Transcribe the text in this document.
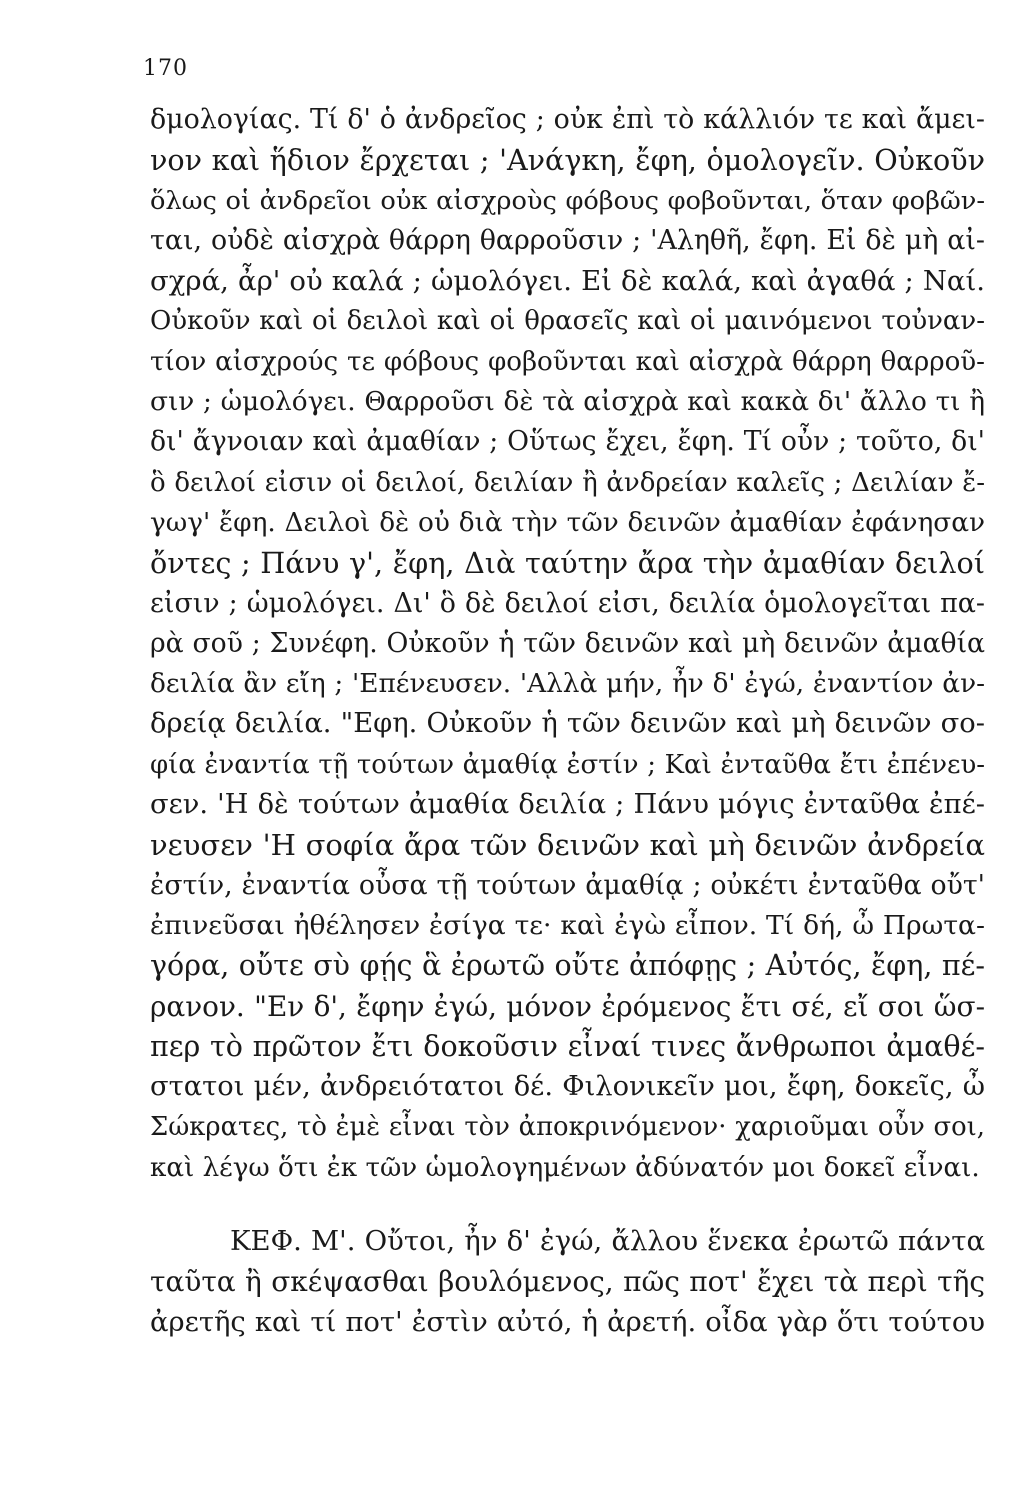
170
δμολογίας. Τί δ' ὁ ἀνδρεῖος ; οὐκ ἐπὶ τὸ κάλλιόν τε καὶ ἄμει-
νον καὶ ἥδιον ἔρχεται ; 'Ανάγκη, ἔφη, ὁμολογεῖν. Οὐκοῦν
ὅλως οἱ ἀνδρεῖοι οὐκ αἰσχροὺς φόβους φοβοῦνται, ὅταν φοβῶν-
ται, οὐδὲ αἰσχρὰ θάρρη θαρροῦσιν ; 'Αληθῆ, ἔφη. Εἰ δὲ μὴ αἰ-
σχρά, ἆρ' οὐ καλά ; ὡμολόγει. Εἰ δὲ καλά, καὶ ἀγαθά ; Ναί.
Οὐκοῦν καὶ οἱ δειλοὶ καὶ οἱ θρασεῖς καὶ οἱ μαινόμενοι τοὐναν-
τίον αἰσχρούς τε φόβους φοβοῦνται καὶ αἰσχρὰ θάρρη θαρροῦ-
σιν ; ὡμολόγει. Θαρροῦσι δὲ τὰ αἰσχρὰ καὶ κακὰ δι' ἄλλο τι ἢ
δι' ἄγνοιαν καὶ ἀμαθίαν ; Οὕτως ἔχει, ἔφη. Τί οὖν ; τοῦτο, δι'
ὃ δειλοί εἰσιν οἱ δειλοί, δειλίαν ἢ ἀνδρείαν καλεῖς ; Δειλίαν ἔ-
γωγ' ἔφη. Δειλοὶ δὲ οὐ διὰ τὴν τῶν δεινῶν ἀμαθίαν ἐφάνησαν
ὄντες ; Πάνυ γ', ἔφη, Διὰ ταύτην ἄρα τὴν ἀμαθίαν δειλοί
εἰσιν ; ὡμολόγει. Δι' ὃ δὲ δειλοί εἰσι, δειλία ὁμολογεῖται πα-
ρὰ σοῦ ; Συνέφη. Οὐκοῦν ἡ τῶν δεινῶν καὶ μὴ δεινῶν ἀμαθία
δειλία ἂν εἴη ; 'Επένευσεν. 'Αλλὰ μήν, ἦν δ' ἐγώ, ἐναντίον ἀν-
δρείᾳ δειλία. "Εφη. Οὐκοῦν ἡ τῶν δεινῶν καὶ μὴ δεινῶν σο-
φία ἐναντία τῇ τούτων ἀμαθίᾳ ἐστίν ; Καὶ ἐνταῦθα ἔτι ἐπένευ-
σεν. 'Η δὲ τούτων ἀμαθία δειλία ; Πάνυ μόγις ἐνταῦθα ἐπέ-
νευσεν 'Η σοφία ἄρα τῶν δεινῶν καὶ μὴ δεινῶν ἀνδρεία
ἐστίν, ἐναντία οὖσα τῇ τούτων ἀμαθίᾳ ; οὐκέτι ἐνταῦθα οὔτ'
ἐπινεῦσαι ἠθέλησεν ἐσίγα τε· καὶ ἐγὼ εἶπον. Τί δή, ὦ Πρωτα-
γόρα, οὔτε σὺ φῄς ἃ ἐρωτῶ οὔτε ἀπόφῃς ; Αὐτός, ἔφη, πέ-
ρανον. "Εν δ', ἔφην ἐγώ, μόνον ἐρόμενος ἔτι σέ, εἴ σοι ὥσ-
περ τὸ πρῶτον ἔτι δοκοῦσιν εἶναί τινες ἄνθρωποι ἀμαθέ-
στατοι μέν, ἀνδρειότατοι δέ. Φιλονικεῖν μοι, ἔφη, δοκεῖς, ὦ
Σώκρατες, τὸ ἐμὲ εἶναι τὸν ἀποκρινόμενον· χαριοῦμαι οὖν σοι,
καὶ λέγω ὅτι ἐκ τῶν ὡμολογημένων ἀδύνατόν μοι δοκεῖ εἶναι.
ΚΕΦ. Μ'. Οὔτοι, ἦν δ' ἐγώ, ἄλλου ἕνεκα ἐρωτῶ πάντα
ταῦτα ἢ σκέψασθαι βουλόμενος, πῶς ποτ' ἔχει τὰ περὶ τῆς
ἀρετῆς καὶ τί ποτ' ἐστὶν αὐτό, ἡ ἀρετή. οἶδα γὰρ ὅτι τούτου
